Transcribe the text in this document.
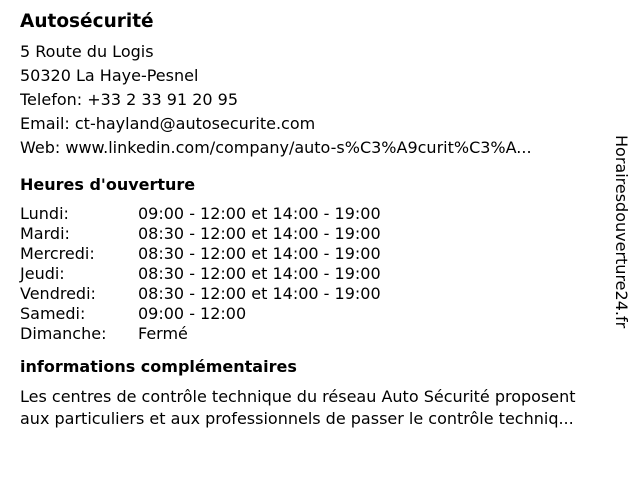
Autosécurité
5 Route du Logis
50320 La Haye-Pesnel
Telefon: +33 2 33 91 20 95
Email: ct-hayland@autosecurite.com
Web: www.linkedin.com/company/auto-s%C3%A9curit%C3%A...
Heures d'ouverture
Lundi:	09:00 - 12:00 et 14:00 - 19:00
Mardi:	08:30 - 12:00 et 14:00 - 19:00
Mercredi:	08:30 - 12:00 et 14:00 - 19:00
Jeudi:	08:30 - 12:00 et 14:00 - 19:00
Vendredi:	08:30 - 12:00 et 14:00 - 19:00
Samedi:	09:00 - 12:00
Dimanche:	Fermé
informations complémentaires
Les centres de contrôle technique du réseau Auto Sécurité proposent
aux particuliers et aux professionnels de passer le contrôle techniq...
Horairesdouverture24.fr
